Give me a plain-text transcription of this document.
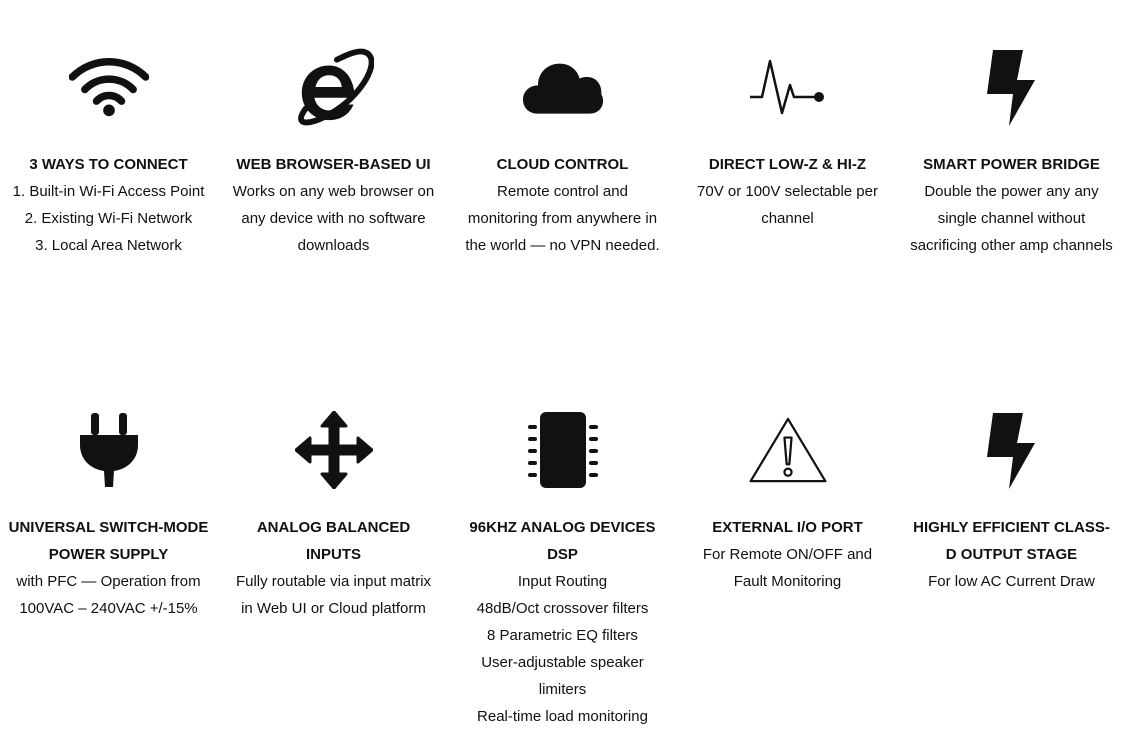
3 WAYS TO CONNECT
1. Built-in Wi-Fi Access Point
2. Existing Wi-Fi Network
3. Local Area Network
WEB BROWSER-BASED UI
Works on any web browser on
any device with no software
downloads
CLOUD CONTROL
Remote control and
monitoring from anywhere in
the world — no VPN needed.
DIRECT LOW-Z & HI-Z
70V or 100V selectable per
channel
SMART POWER BRIDGE
Double the power any any
single channel without
sacrificing other amp channels
UNIVERSAL SWITCH-MODE
POWER SUPPLY
with PFC — Operation from
100VAC – 240VAC +/-15%
ANALOG BALANCED
INPUTS
Fully routable via input matrix
in Web UI or Cloud platform
96KHZ ANALOG DEVICES
DSP
Input Routing
48dB/Oct crossover filters
8 Parametric EQ filters
User-adjustable speaker
limiters
Real-time load monitoring
EXTERNAL I/O PORT
For Remote ON/OFF and
Fault Monitoring
HIGHLY EFFICIENT CLASS-
D OUTPUT STAGE
For low AC Current Draw
